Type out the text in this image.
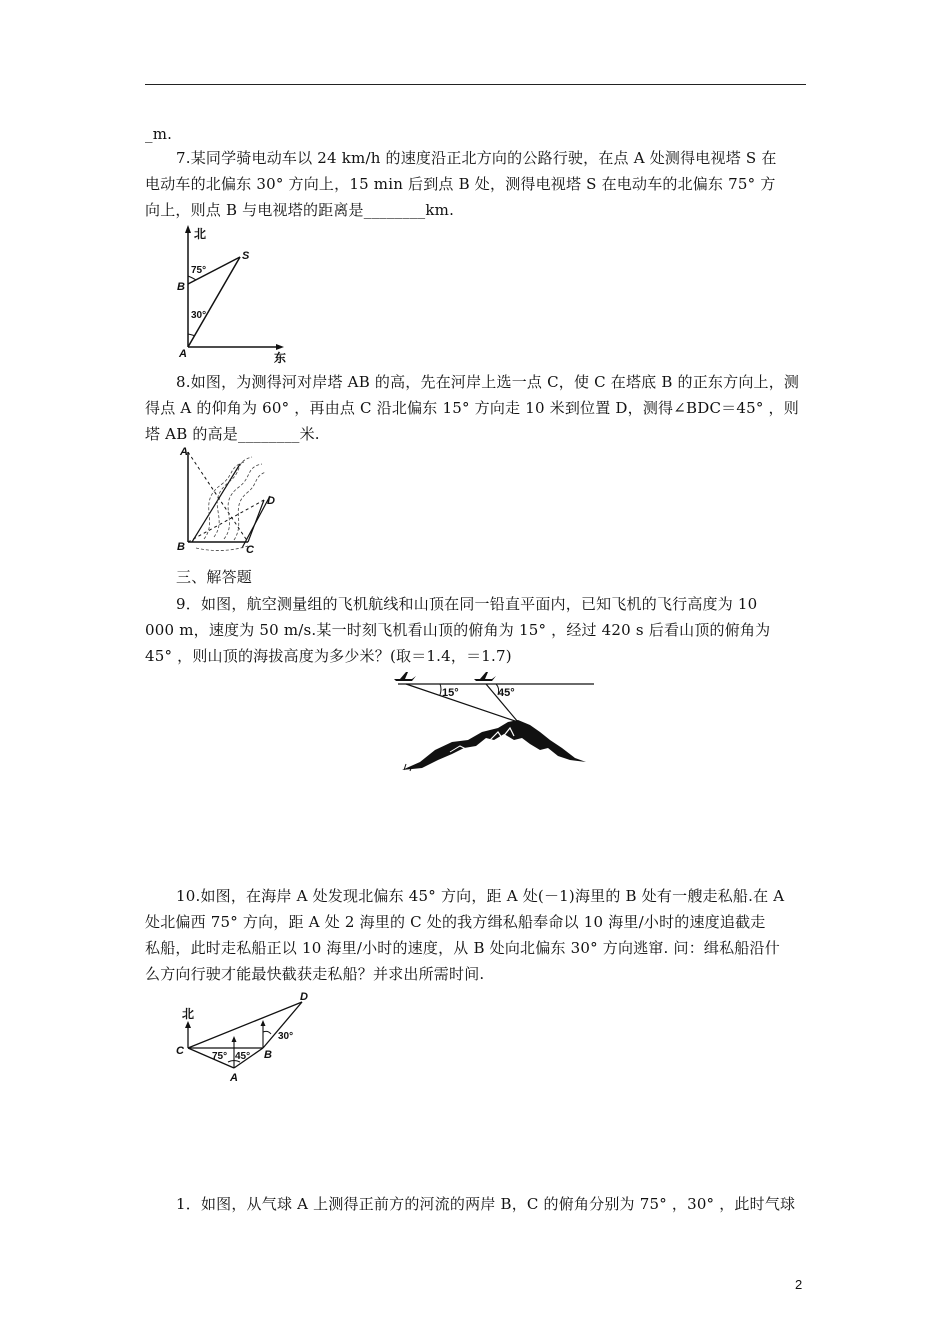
_m.
7.某同学骑电动车以 24 km/h 的速度沿正北方向的公路行驶，在点 A 处测得电视塔 S 在
电动车的北偏东 30° 方向上，15 min 后到点 B 处，测得电视塔 S 在电动车的北偏东 75° 方
向上，则点 B 与电视塔的距离是________km.
北
东
S
B
A
75°
30°
8.如图，为测得河对岸塔 AB 的高，先在河岸上选一点 C，使 C 在塔底 B 的正东方向上，测
得点 A 的仰角为 60° ，再由点 C 沿北偏东 15° 方向走 10 米到位置 D，测得∠BDC＝45° ，则
塔 AB 的高是________米.
A
B	C
D
三、解答题
9．如图，航空测量组的飞机航线和山顶在同一铅直平面内，已知飞机的飞行高度为 10
000 m，速度为 50 m/s.某一时刻飞机看山顶的俯角为 15° ，经过 420 s 后看山顶的俯角为
45° ，则山顶的海拔高度为多少米？(取＝1.4，＝1.7)
15°	45°
10.如图，在海岸 A 处发现北偏东 45° 方向，距 A 处(－1)海里的 B 处有一艘走私船.在 A
处北偏西 75° 方向，距 A 处 2 海里的 C 处的我方缉私船奉命以 10 海里/小时的速度追截走
私船，此时走私船正以 10 海里/小时的速度，从 B 处向北偏东 30° 方向逃窜. 问：缉私船沿什
么方向行驶才能最快截获走私船？并求出所需时间.
北
C
A
B
D
75° 45°
30°
1．如图，从气球 A 上测得正前方的河流的两岸 B，C 的俯角分别为 75° ，30° ，此时气球
2
